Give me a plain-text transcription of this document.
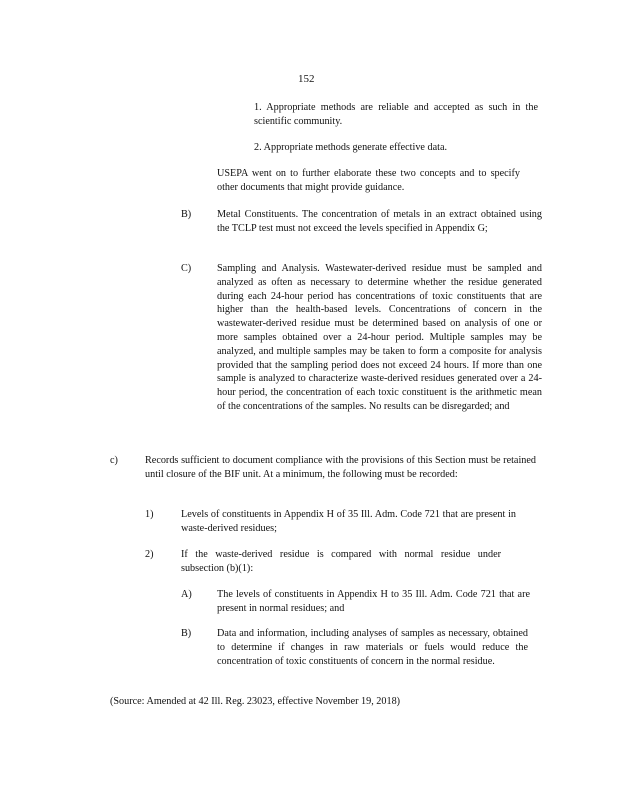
152
1. Appropriate methods are reliable and accepted as such in the scientific community.
2. Appropriate methods generate effective data.
USEPA went on to further elaborate these two concepts and to specify other documents that might provide guidance.
B)	Metal Constituents. The concentration of metals in an extract obtained using the TCLP test must not exceed the levels specified in Appendix G;
C)	Sampling and Analysis. Wastewater-derived residue must be sampled and analyzed as often as necessary to determine whether the residue generated during each 24-hour period has concentrations of toxic constituents that are higher than the health-based levels. Concentrations of concern in the wastewater-derived residue must be determined based on analysis of one or more samples obtained over a 24-hour period. Multiple samples may be analyzed, and multiple samples may be taken to form a composite for analysis provided that the sampling period does not exceed 24 hours. If more than one sample is analyzed to characterize waste-derived residues generated over a 24-hour period, the concentration of each toxic constituent is the arithmetic mean of the concentrations of the samples. No results can be disregarded; and
c)	Records sufficient to document compliance with the provisions of this Section must be retained until closure of the BIF unit. At a minimum, the following must be recorded:
1)	Levels of constituents in Appendix H of 35 Ill. Adm. Code 721 that are present in waste-derived residues;
2)	If the waste-derived residue is compared with normal residue under subsection (b)(1):
A) The levels of constituents in Appendix H to 35 Ill. Adm. Code 721 that are present in normal residues; and
B)	Data and information, including analyses of samples as necessary, obtained to determine if changes in raw materials or fuels would reduce the concentration of toxic constituents of concern in the normal residue.
(Source: Amended at 42 Ill. Reg. 23023, effective November 19, 2018)
